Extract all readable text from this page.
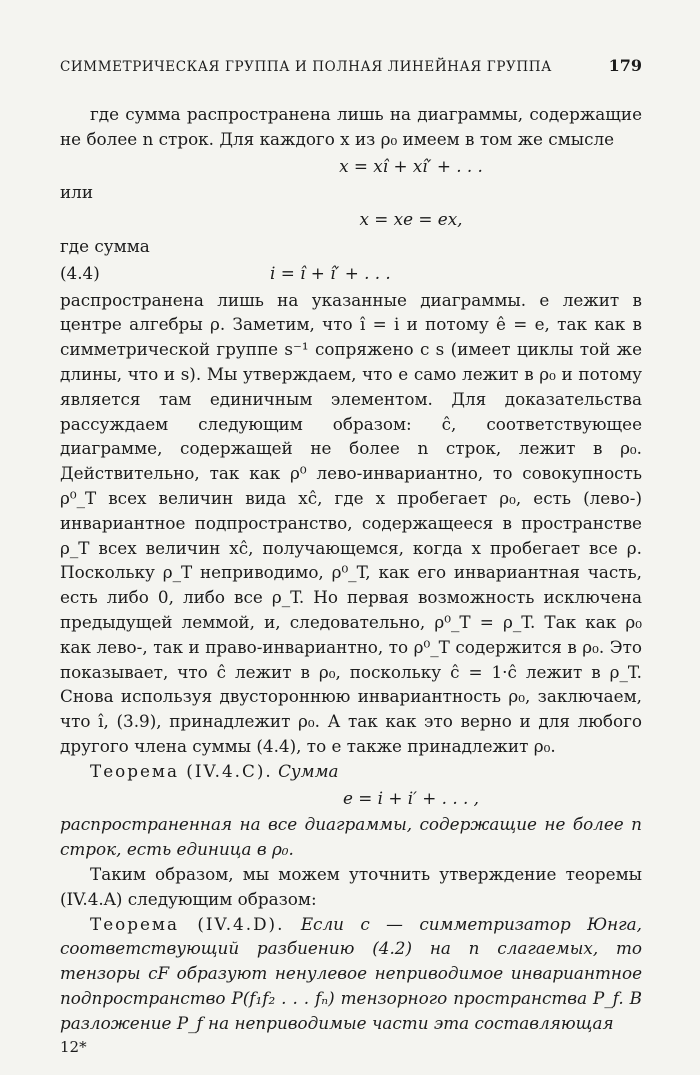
СИММЕТРИЧЕСКАЯ ГРУППА И ПОЛНАЯ ЛИНЕЙНАЯ ГРУППА	179

где сумма распространена лишь на диаграммы, содержащие не более n строк. Для каждого x из ρ₀ имеем в том же смысле

x = xî + xî′ + . . .

или

x = xe = ex,

где сумма

(4.4)	i = î + î′ + . . .

распространена лишь на указанные диаграммы. e лежит в центре алгебры ρ. Заметим, что î = i и потому ê = e, так как в симметрической группе s⁻¹ сопряжено с s (имеет циклы той же длины, что и s). Мы утверждаем, что e само лежит в ρ₀ и потому является там единичным элементом. Для доказательства рассуждаем следующим образом: ĉ, соответствующее диаграмме, содержащей не более n строк, лежит в ρ₀. Действительно, так как ρ⁰ лево-инвариантно, то совокупность ρ⁰_T всех величин вида xĉ, где x пробегает ρ₀, есть (лево-) инвариантное подпространство, содержащееся в пространстве ρ_T всех величин xĉ, получающемся, когда x пробегает все ρ. Поскольку ρ_T неприводимо, ρ⁰_T, как его инвариантная часть, есть либо 0, либо все ρ_T. Но первая возможность исключена предыдущей леммой, и, следовательно, ρ⁰_T = ρ_T. Так как ρ₀ как лево-, так и право-инвариантно, то ρ⁰_T содержится в ρ₀. Это показывает, что ĉ лежит в ρ₀, поскольку ĉ = 1·ĉ лежит в ρ_T. Снова используя двустороннюю инвариантность ρ₀, заключаем, что î, (3.9), принадлежит ρ₀. А так как это верно и для любого другого члена суммы (4.4), то e также принадлежит ρ₀.

Теорема (IV.4.C). Сумма

e = i + i′ + . . . ,

распространенная на все диаграммы, содержащие не более n строк, есть единица в ρ₀.

Таким образом, мы можем уточнить утверждение теоремы (IV.4.A) следующим образом:

Теорема (IV.4.D). Если c — симметризатор Юнга, соответствующий разбиению (4.2) на n слагаемых, то тензоры cF образуют ненулевое неприводимое инвариантное подпространство P(f₁f₂ . . . fₙ) тензорного пространства P_f. В разложение P_f на неприводимые части эта составляющая

12*
